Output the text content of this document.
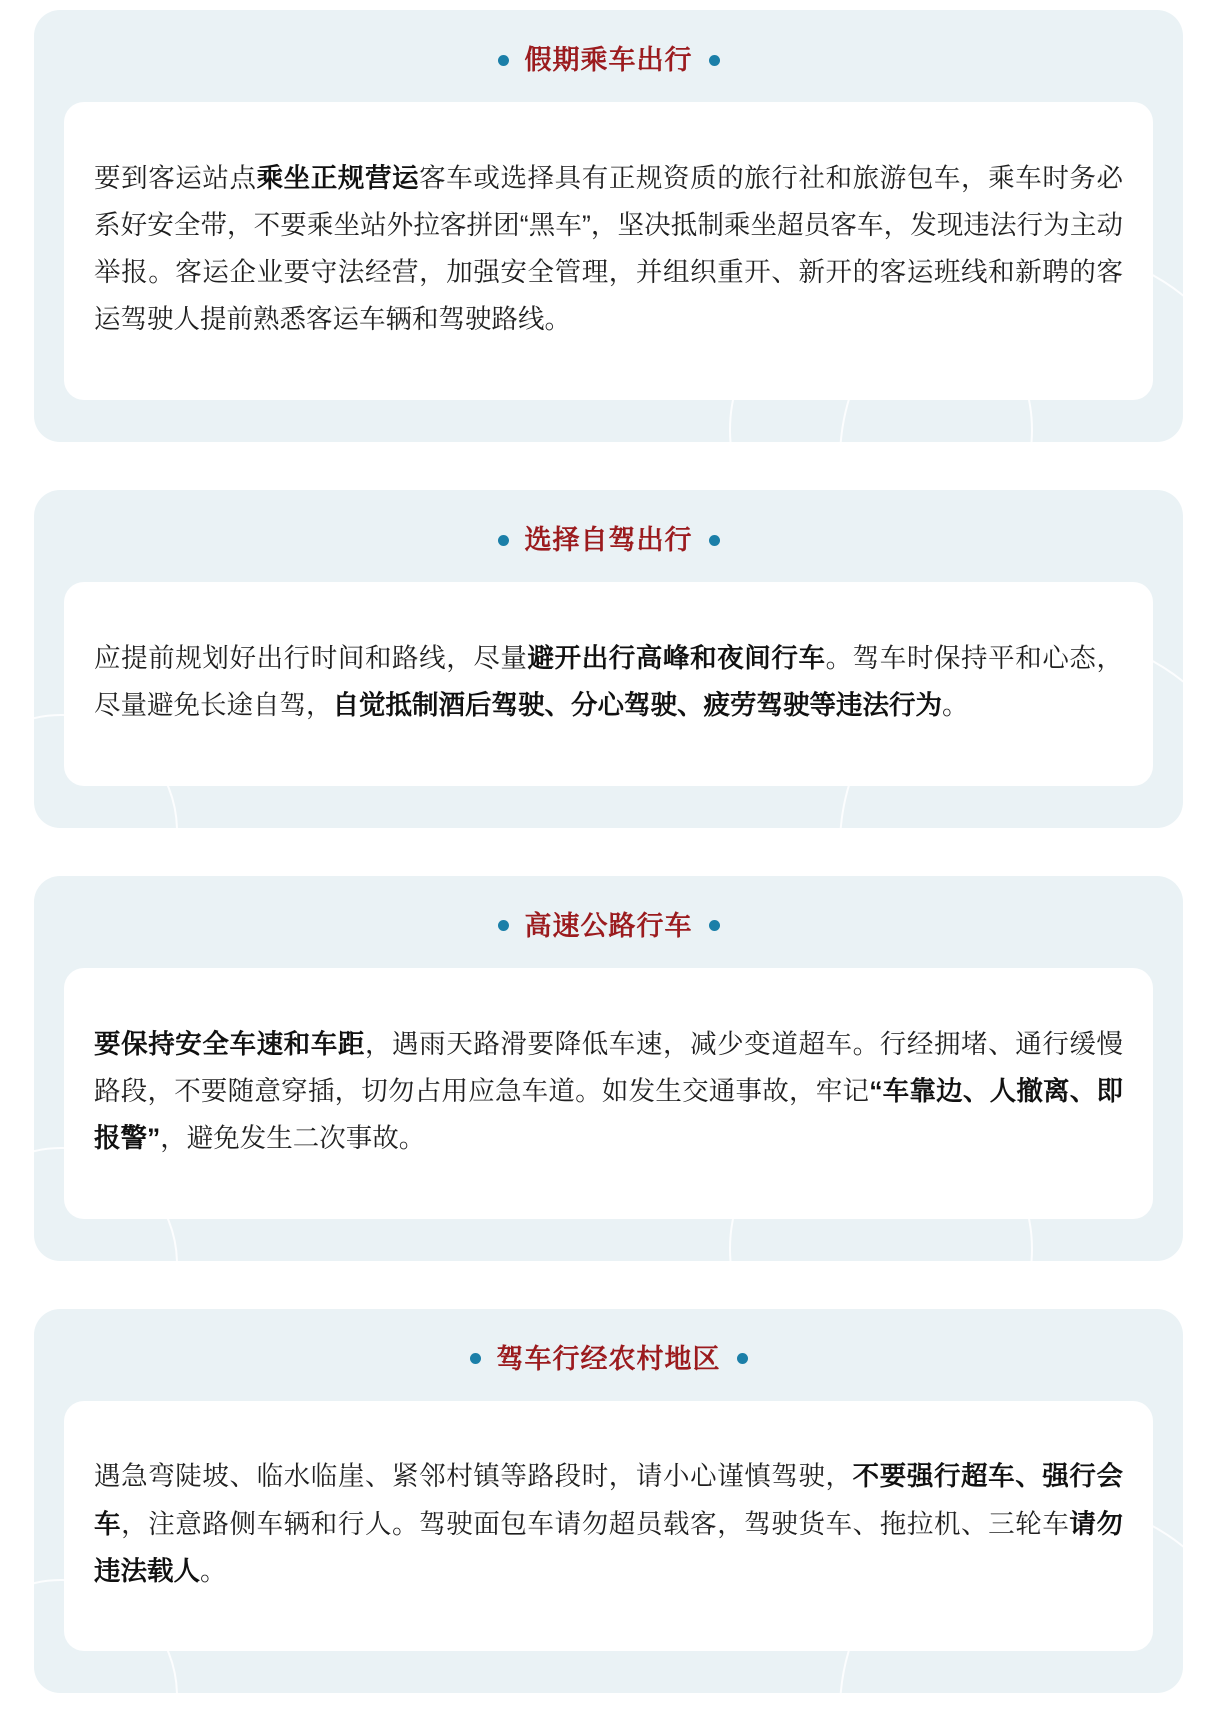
假期乘车出行

要到客运站点乘坐正规营运客车或选择具有正规资质的旅行社和旅游包车，乘车时务必系好安全带，不要乘坐站外拉客拼团“黑车”，坚决抵制乘坐超员客车，发现违法行为主动举报。客运企业要守法经营，加强安全管理，并组织重开、新开的客运班线和新聘的客运驾驶人提前熟悉客运车辆和驾驶路线。

选择自驾出行

应提前规划好出行时间和路线，尽量避开出行高峰和夜间行车。驾车时保持平和心态，尽量避免长途自驾，自觉抵制酒后驾驶、分心驾驶、疲劳驾驶等违法行为。

高速公路行车

要保持安全车速和车距，遇雨天路滑要降低车速，减少变道超车。行经拥堵、通行缓慢路段，不要随意穿插，切勿占用应急车道。如发生交通事故，牢记“车靠边、人撤离、即报警”，避免发生二次事故。

驾车行经农村地区

遇急弯陡坡、临水临崖、紧邻村镇等路段时，请小心谨慎驾驶，不要强行超车、强行会车，注意路侧车辆和行人。驾驶面包车请勿超员载客，驾驶货车、拖拉机、三轮车请勿违法载人。
